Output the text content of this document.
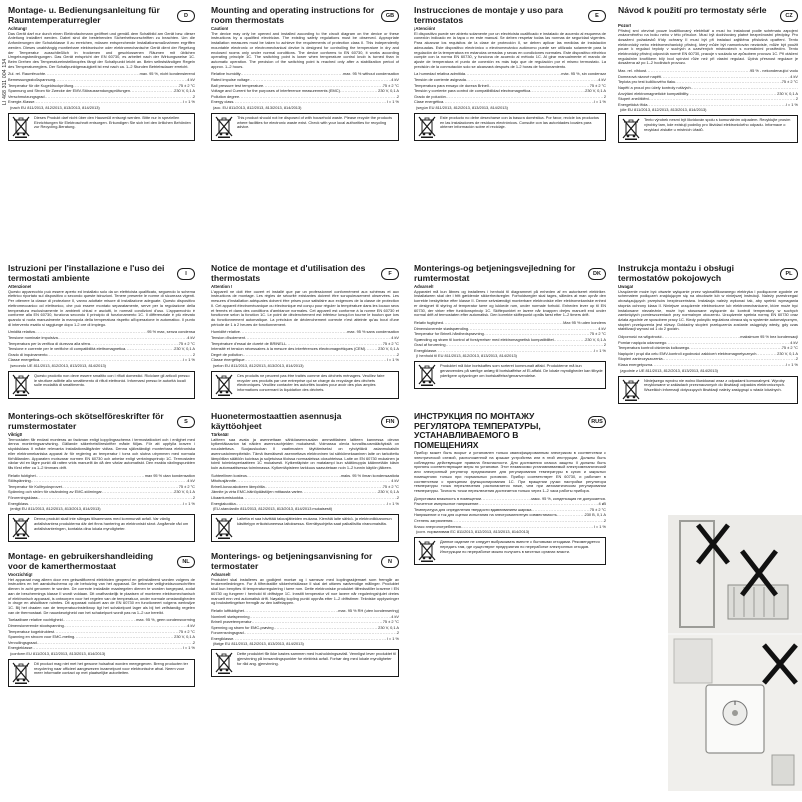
LI 468 311 004 134
Montage- u. Bedienungsanleitung für Raumtemperaturregler	D
Achtung!
Das Gerät darf nur durch einen Elektrofachmann geöffnet und gemäß dem Schaltbild am Gerät bzw. dieser Anleitung installiert werden. Dabei sind die bestehenden Sicherheitsvorschriften zu beachten. Um die Anforderungen der Schutzklasse II zu erreichen, müssen entsprechende Installationsmaßnahmen ergriffen werden. Dieses unabhängig montierbare elektronische oder elektromechanische Gerät dient der Regelung der Temperatur ausschließlich in trockenen und geschlossenen Räumen mit üblichen Umgebungsbedingungen. Das Gerät entspricht der EN 60730, es arbeitet nach der Wirkungsweise 1C. Beim Drehen des Temperatureinstellknopfes fängt der Schaltpunkt leicht an. Beim selbstständigen Regeln des Temperaturreglers. Der Schaltpunktgenauigkeit ist erst nach ca. 1–2 Stunden Betriebsdauer erreicht.
Zul. rel. Raumfeuchte .....	max. 95 %, nicht kondensierend
Bemessungsstoßspannung .....	4 kV
Temperatur für die Kugeldruckprüfung .....	75 ± 2 °C
Spannung und Strom für Zwecke der EMV-Störaussendungsprüfungen .....	230 V, 0,1 A
Verschmutzungsgrad .....	2
Energie-Klasse .....	I = 1 %
(nach EU 811/2013, 812/2013, 813/2013, 814/2013)
Dieses Produkt darf nicht über den Hausmüll entsorgt werden. Bitte nur in speziellen Einrichtungen für Elektroschrott entsorgen. Erkundigen Sie sich bei den örtlichen Behörden zur Recycling-Beratung.
Mounting and operating instructions for room thermostats	GB
Caution!
The device may only be opened and installed according to the circuit diagram on the device or these instructions by a qualified electrician. The existing safety regulations must be observed. Appropriate installation measures must be taken to achieve the requirements of protection class II. This independently mountable electronic or electromechanical device is designed for controlling the temperature in dry and enclosed rooms only under normal conditions. The device conforms to EN 60730, it works according operating principle 1C. The switching point is lower when temperature control knob is turned than in automatic operation. The precision of the switching point is reached only after a stabilization period of approx. 1–2 hours.
Relative humidity .....	max. 95 % without condensation
Rated impulse voltage .....	4 kV
Ball pressure test temperature .....	75 ± 2 °C
Voltage and Current for the purposes of interference measurements (EMC) .....	230 V, 0,1 A
Pollution degree .....	2
Energy class .....	I = 1 %
(acc. EU 811/2013, 812/2013, 813/2013, 814/2013)
This product should not be disposed of with household waste. Please recycle the products where facilities for electronic waste exist. Check with your local authorities for recycling advice.
Instrucciones de montaje y uso para termostatos	E
¡Atención!
El dispositivo puede ser abierto solamente por un electricista cualificado e instalado de acuerdo al esquema de conexión indicado en la tapa o en este manual. Se deben respetar todas las normas de seguridad vigentes. Para alcanzar los requisitos de la clase de protección II, se deben aplicar las medidas de instalación adecuadas. Este dispositivo electrónico o electromecánico autónomo puede ser utilizado solamente para la regulación de la temperatura en estancias cerradas y secas en condiciones normales. Este dispositivo eléctrico cumple con la norma EN 60730, y funciona de acuerdo al método 1C. Al girar manualmente el mando de ajuste de temperatura el punto de conexión es más bajo que de regulación por el mismo termostato. La precisión de la conmutación solo se alcanzará después de 1-2 horas de funcionamiento.
La humedad relativa admitida .....	máx. 95 %, sin condensar
Tensión de corriente asignada .....	4 kV
Temperatura para ensayo de dureza Brinell .....	75 ± 2 °C
Tensión y corriente para control de compatibilidad electromagnética .....	230 V, 0,1 A
Grado de polución .....	2
Clase energética .....	I = 1 %
(según EU 811/2013, 812/2013, 813/2013, 814/2013)
Este producto no debe desecharse con la basura doméstica. Por favor, recicle los productos en las instalaciones de residuos electrónicos. Consulte con las autoridades locales para obtener información sobre el reciclaje.
Návod k použití pro termostaty sérle
CZ
Pozor!
Přístroj smí otevírat pouze kvalifikovaný elektrikář a musí ho instalovat podle schématu zapojení znázorněného na boku nebo v této příručce. Musí být dodržovány platné bezpečnostní předpisy. Pro dosažení požadavků třídy ochrany II musí být při instalaci zajištěna příslušná opatření. Tento elektronický nebo elektromechanický přístroj, který může být namontován nezávisle, může být použit pouze k regulaci teploty v suchých a uzavřených místnostech s normálními prostředím. Tento elektronický přístroj odpovídá normě EN 60730, pracuje v souladu se způsobem provozu 1C. Při otáčení regulačním knoflíkem bílý bod spínání růže než při vlastní regulaci. Úplná přesnost regulace je dosažena až po 1–2 hodinách provozu.
Max. rel. vlhkost .....	95 % - nekondenzující vodu
Domezová rázové napětí .....	4 kV
Teplota pro test kuličkového tlaku .....	75 ± 2 °C
Napětí a proud pro účely kontroly rušivých
.....
Anvýtání elektromagnetické kompatibility .....	230 V, 0,1 A
Stupeň znečištění .....	2
Energetická třída .....	I = 1 %
(dle EU 811/2013, 812/2013, 813/2013, 814/2013)
Tento výrobek nesmí být likvidován spolu s komunálním odpadem. Recyklujte prosím výrobky tam, kde existují podniky pro likvidaci elektronického odpadu. Informace o recyklaci získáte u místních úřadů.
Istruzioni per l'installazione e l'uso dei termostati ambiente	I
Attenzione!
Questo apparecchio può essere aperto ed installato solo da un elettricista qualificato, seguendo lo schema elettrico riportato sul dispositivo o secondo queste istruzioni. Tenere presente le norme di sicurezza vigenti. Per ottenere la classe di protezione II, vanno adottate misure di installazione adeguate. Questo dispositivo elettromeccanico od elettronico, che può essere montato separatamente, serve per la regolazione della temperatura esclusivamente in ambienti chiusi e asciutti, in normali condizioni d'uso. L'apparecchio è conforme alla EN 60730, funziona secondo il principio di funzionamento 1C. Il differenziale è più elevato quando si ruota manualmente la manopola della temperatura rispetto all'operazione in automatico. Il punto di intervento esatto si raggiunge dopo 1-2 ore di impiego.
Umidità relativa .....	95 % max, senza condensa
Tensione nominale impulsiva .....	4 kV
Temperatura per la verifica di durezza alla sfera .....	75 ± 2 °C
Tensione e corrente per le verifiche di compatibilità elettromagnetica .....	230 V, 0,1 A
Grado di inquinamento .....	2
Classe energetica .....	I = 1 %
(secondo UE 811/2013, 812/2013, 813/2013, 814/2013)
Questo prodotto non deve essere smaltito con i rifiuti domestici. Riciclare gli articoli presso le strutture adibite allo smaltimento di rifiuti elettronici. Informarsi presso le autorità locali sulle modalità di smaltimento.
Notice de montage et d'utilisation des thermostats	F
Attention !
L'appareil ne doit être ouvert et installé que par un professionnel conformément aux schémas et aux instructions de montage. Les règles de sécurité existantes doivent être scrupuleusement observées. Les mesures d'installation adéquates doivent être prises pour satisfaire aux exigences de la classe de protection II. Cet appareil électromécanique ou électronique est conçu pour réguler la température dans les locaux secs et fermés et dans des conditions d'ambiance normales. Cet appareil est conforme à la norme EN 60730 et fonctionne selon la fonction 1C. Le point de déclenchement est inférieur lorsqu'on tourne le bouton que lors du fonctionnement automatique. La précision de déclenchement correcte n'est atteinte qu'au bout d'une période de 1 à 2 heures de fonctionnement.
Humidité relative .....	max. 95 % sans condensation
Tension d'isolement .....	4 kV
Température d'essai de dureté de BRINELL .....	75 ± 2 °C
Intensité et tension nécessaires à la mesure des interférences électromagnétiques (CEM) .....	230 V, 0,1 A
Degré de pollution .....	2
Classe énergétique .....	I = 1 %
(selon EU 811/2013, 812/2013, 813/2013, 814/2013)
Ces produits ne peuvent pas être traités comme des déchets ménagers. Veuillez faire recycler ces produits par une entreprise qui se charge du recyclage des déchets électroniques. Veuillez contacter les autorités locales pour avoir des plus amples informations concernant la liquidation des déchets.
Monterings-og betjeningsvejledning for rumtermostat	DK
Advarsel!
Apparatet må kun åbnes og installeres i henhold til diagrammet på enheden af en autoriseret elektriker. Installatøren skal der i fritt gældende sikkerhedsregler. Forholdsregler skal tages, således at man opnår den korrekte beskyttelse efter klasse II. Denne selvstændigt monterbare elektroniske eller elektromekaniske enhed er designet til styring af temperatur tørre og lukkede rum, under normale forhold. Enheden lever op til EN 60730, der virker efter funktionsprincip 1C. Skiftepunktet er lavere når knappen drejes manuelt end under normal drift af termostaten efter automatisk. Den korrekte skiftepunkt opnås først efter 1–2 timers drift.
Relativ fugtighed .....	Max 95 % uden kondens
Dimensionerede stødspænding .....	4 kV
Temperatur for Brinell-hårdhedsprøvning .....	75 ± 2 °C
Spænding og strøm til kontrol af forstyrrelser med elektromagnetisk kompatibilitet .....	230 V, 0,1 A
Grad af forurening .....	2
Energiklasse .....	I = 1 %
(i henhold til EU 811/2013, 812/2013, 813/2013, 814/2013)
Produktet må ikke bortskaffes som sorteret kommunalt affald. Produkterne må kun genanvendes på særlige anlæg til bortskaffelse af El-affald. De lokale myndigheder kan tilbyde yderligere oplysninger om bortskaffelse/genanvendelse.
Instrukcja montażu i obsługi termostatów pokojowych	PL
Uwaga!
Urządzenie może być otwarte wyłącznie przez wykwalifikowanego elektryka i podłączone zgodnie ze schematem podłączeń znajdującym się na obudowie lub w niniejszej instrukcji. Należy przestrzegać obowiązujących przepisów bezpieczeństwa. Instalacja należy wykonać tak, aby spełnić wymagania stopnia ochrony klasa II. Niniejsze urządzenie elektroniczne lub elektromechaniczne, które może być instalowane niezależnie, może być stosowane wyłącznie do kontroli temperatury w suchych zamkniętych pomieszczeniach przy normalnym otoczeniu. Urządzenie spełnia normę EN 60730 oraz działa zgodnie ze sposobem pracy 1C. Kiedy pokrętło regulatora obraca się w systemie automatycznym, stopień przełączenia jest niższy. Dokładny stopień przełączenia zostanie osiągnięty wtedy, gdy czas stabilizacji wynosi od 1 do 2 godzin.
Odporność na wilgotność .....	maksimum 95 % bez kondensacji
Pomiar napięcia udarowego .....	4 kV
Temperatura kontroli ciśnienia kulkowego .....	75 ± 2 °C
Napięcie i prąd dla celu EMV-kontroli zgodności zakłóceń elektromagnetycznych .....	230 V, 0,1 A
Stopień zanieczyszczenia .....	2
Klasa energetyczna .....	I = 1 %
(zgodnie z UE 811/2013, 812/2013, 813/2013, 814/2013)
Niniejszego wyrobu nie wolno likwidować wraz z odpadami komunalnymi. Wyroby recyklowane w zakładach przeznaczonych do likwidacji odpadów elektronicznych. Wszelkich informacji dotyczących likwidacji należy zasięgnąć u władz lokalnych.
Monterings-och skötselföreskrifter för rumstermostater	S
Viktigt!
Termostaten får endast monteras av fackman enligt kopplingsschema i termostatlocket och i enlighet med denna monteringsanvisning. Gällande säkerhetsföreskrifter måste följas. För att uppfylla kraven i skyddsklass II måste relevanta installationsåtgärder vidtas. Denna självständigt monterbara elektroniska eller elektromekaniska apparat är för reglering av temperatur i torra och slutna utrymmen med normala förhållanden. Apparaten motsvarar normen EN 60730 och arbetar enligt verkningsprincip 1C. Termostaten växlar vid en lägre punkt då ratten vrids manuellt än då den växlar automatiskt. Den exakta växlingspunkten fås först efter ca 1–2 timmars drift.
Relativ fuktighet .....	max 95 % utan kondensation
Stötspänning .....	4 kV
Temperatur för Kulltrycksprovet .....	75 ± 2 °C
Spänning och ström för utsändning av EMC-störningar .....	230 V, 0,1 A
Föroreningsklass .....	2
Energiklass .....	I = 1 %
(enligt EU 811/2013, 812/2013, 813/2013, 814/2013)
Denna produkt skall inte slängas tillsammans med kommunalt avfall. Var vänlig avfallshantera produkterna där det finns hantering av elektroniskt skrot. Angående råd om avfallshanteringen, kontakta dina lokala myndigheter.
Huonetermostaattien asennusja käyttöohjeet	FIN
Tärkeää!
Laitteen saa avata ja asennettaan sähköasennusalan ammattilainen laitteen kannessa olevan kytkentäkaavion tai näiden asennusohjeiden mukaisesti. Voimassa olevia turvallisuusmääräyksiä on noudatettava. Suojausluokan II vaatimusten täyttämiseksi on ryhdyttävä asianmukaisiin asennustoimenpiteisiin. Tämä itsenäisesti asennettava elektroninen tai sähkömekaaninen laite on tarkoitettu lämpötilan säätöön kuivissa ja suljetuissa tiloissa normaaleissa olosuhteissa. Laite on EN 60730 mukainen ja toimii toimintaperiaatteen 1C mukaisesti. Kytkentäpiste on matalampi kun säätönuppia käännetään käsin kuin automaattisessa toiminnassa. Kytkentäpisteen tarkkuus saavutetaan noin 1–2 tunnin käytön jälkeen.
Suhteellinen kosteus .....	maks. 95 % ilman kondensaatiota
Mitoitusjännite .....	4 kV
Brinell-kovuuskokeen lämpötila .....	75 ± 2 °C
Jännite ja virta EMC-häiriöpäästöjen mittausta varten .....	230 V, 0,1 A
Likaantumisluokka .....	2
Energialuokka .....	I = 1 %
(EU-standardin 811/2013, 812/2013, 813/2013, 814/2013 mukaisesti)
Laitetta ei saa hävittää talousjätteiden mukana. Kierrätä laite sähkö- ja elektroniikkaromun käsittelyyn erikoistuneessa laitoksessa. Kierrätysohjeita saat paikallisilta viranomaisilta.
ИНСТРУКЦИЯ ПО МОНТАЖУ РЕГУЛЯТОРА ТЕМПЕРАТУРЫ, УСТАНАВЛИВАЕМОГО В ПОМЕЩЕНИЯХ
RUS
Прибор может быть вскрыт и установлен только квалифицированным электриком в соответствии с электрической схемой, расположенной на крышке устройства или в этой инструкции. Должны быть соблюдены действующие правила безопасности. Для достижения класса защиты II должны быть приняты соответствующие меры по установке. Этот независимо устанавливаемый электромеханический или электронный регулятор предназначен для регулирования температуры в сухих и закрытых помещениях только при нормальных условиях. Прибор соответствует EN 60730, и работает в соответствии с принципом функционирования 1С. При вращении ручки настройки регулятора температуры точка переключения располагается ниже, чем при автоматическом регулировании температуры. Точность точки переключения достигается только через 1–2 часа работы прибора.
Допустимая влажность в помещении .....	макс. 95 %, конденсация не допускается.
Расчетное импульсное напряжение .....	4 кВ
Температура для определения твердости вдавливанием шарика .....	75 ± 2 °C
Напряжение и ток для оценки испытания на электромагнитную совместимость .....	230 В, 0,1 А
Степень загрязнения .....	2
Класс энергопотребления .....	I = 1 %
(согл. нормативам ЕС 811/2013, 812/2013, 813/2013, 814/2013)
Данное изделие не следует выбрасывать вместе с бытовыми отходами. Рекомендуется передать там, где существуют предприятия по переработке электронных отходов. Инструкции по переработке можно получить в местных органах власти.
Montage- en gebruikershandleiding voor de kamerthermostaat	NL
Voorzichtig!
Het apparaat mag alleen door een gekwalificeerd elektricien geopend en geïnstalleerd worden volgens de instructies en het aansluitschema op de behuizing van het apparaat. De bekende veiligheidsvoorschriften dienen in acht genomen te worden. De correcte installatie maatregelen dienen te worden toegepast, zodat aan de beschermings klasse II wordt voldaan. Dit onafhankelijk te plaatsen of monteren elektromechanisch of elektronisch apparaat, is ontworpen voor het regelen van de temperatuur, onder normale omstandigheden in droge en afsluitbare ruimtes. Dit apparaat voldoet aan de EN 60730 en functioneert volgens werkwijze 1C. Bij het draaien van de temperatuurinstelknop ligt het schakelpunt lager als bij het zelfstandig regelen van de thermostaat. De nauwkeurigheid van het schakelpunt wordt pas na 1–2 uur bereikt.
Toelaatbare relative vochtigheid .....	max. 95 %, geen condensvorming
Dimensionerende stootspanning .....	4 kV
Temperatuur kogeldruktest .....	75 ± 2 °C
Spanning en stroom voor EMC-meting .....	230 V, 0,1 A
Vervuilingsgraad .....	2
Energieklasse .....	I = 1 %
(conform EU 811/2013, 812/2013, 813/2013, 814/2013)
Dit product mag niet met het gewone huisafval worden meegegeven. Breng producten ter recyclering naar officieel aangewezen inzamelpunt voor elektronische afval. Neem voor meer informatie contact op met plaatselijke autoriteiten.
Monterings- og betjeningsanvisning for termostater	N
Advarsel!
Produktet skal installeres av godkjent montør og i samsvar med koplingsskjemaet som fremgår av brukerveiledningen. For å tilfredsstille sikkerhetsklasse II skal det utføres nødvendige målinger. Produktet skal kun benyttes til temperaturregulering i tørre rom. Dette elektroniske produktet tilfredsstiller kravene i EN 60730 og fungerer i henhold til driftstype 1C. Innstilt temperatur vil noe lavere når reguleringshjulet dreies manuelt enn ved automatisk drift. Nøyaktig kopling punkt oppnås etter 1–2 driftstimer. Tekniske opplysninger og bruksbetingelser fremgår av den kaffelappen.
Relativ luftfuktighet .....	max. 95 % RH (uten kondensering)
Nominell støtspenning .....	4 kV
Brinell prøvetemperatur .....	75 ± 2 °C
Spenning og strøm for EMC-prøving .....	230 V, 0,1 A
Forurensningsgrad .....	2
Energiklasse .....	I = 1 %
(ifølge EU 811/2013, 812/2013, 813/2013, 814/2013)
Dette produktet får ikke kastes sammen med husholdningsavfall. Vennligst lever produktet til gjenvinning på innsamlingspunkter for elektrisk avfall. Forhør deg med lokale myndigheter for råd ang. gjenvinning.
